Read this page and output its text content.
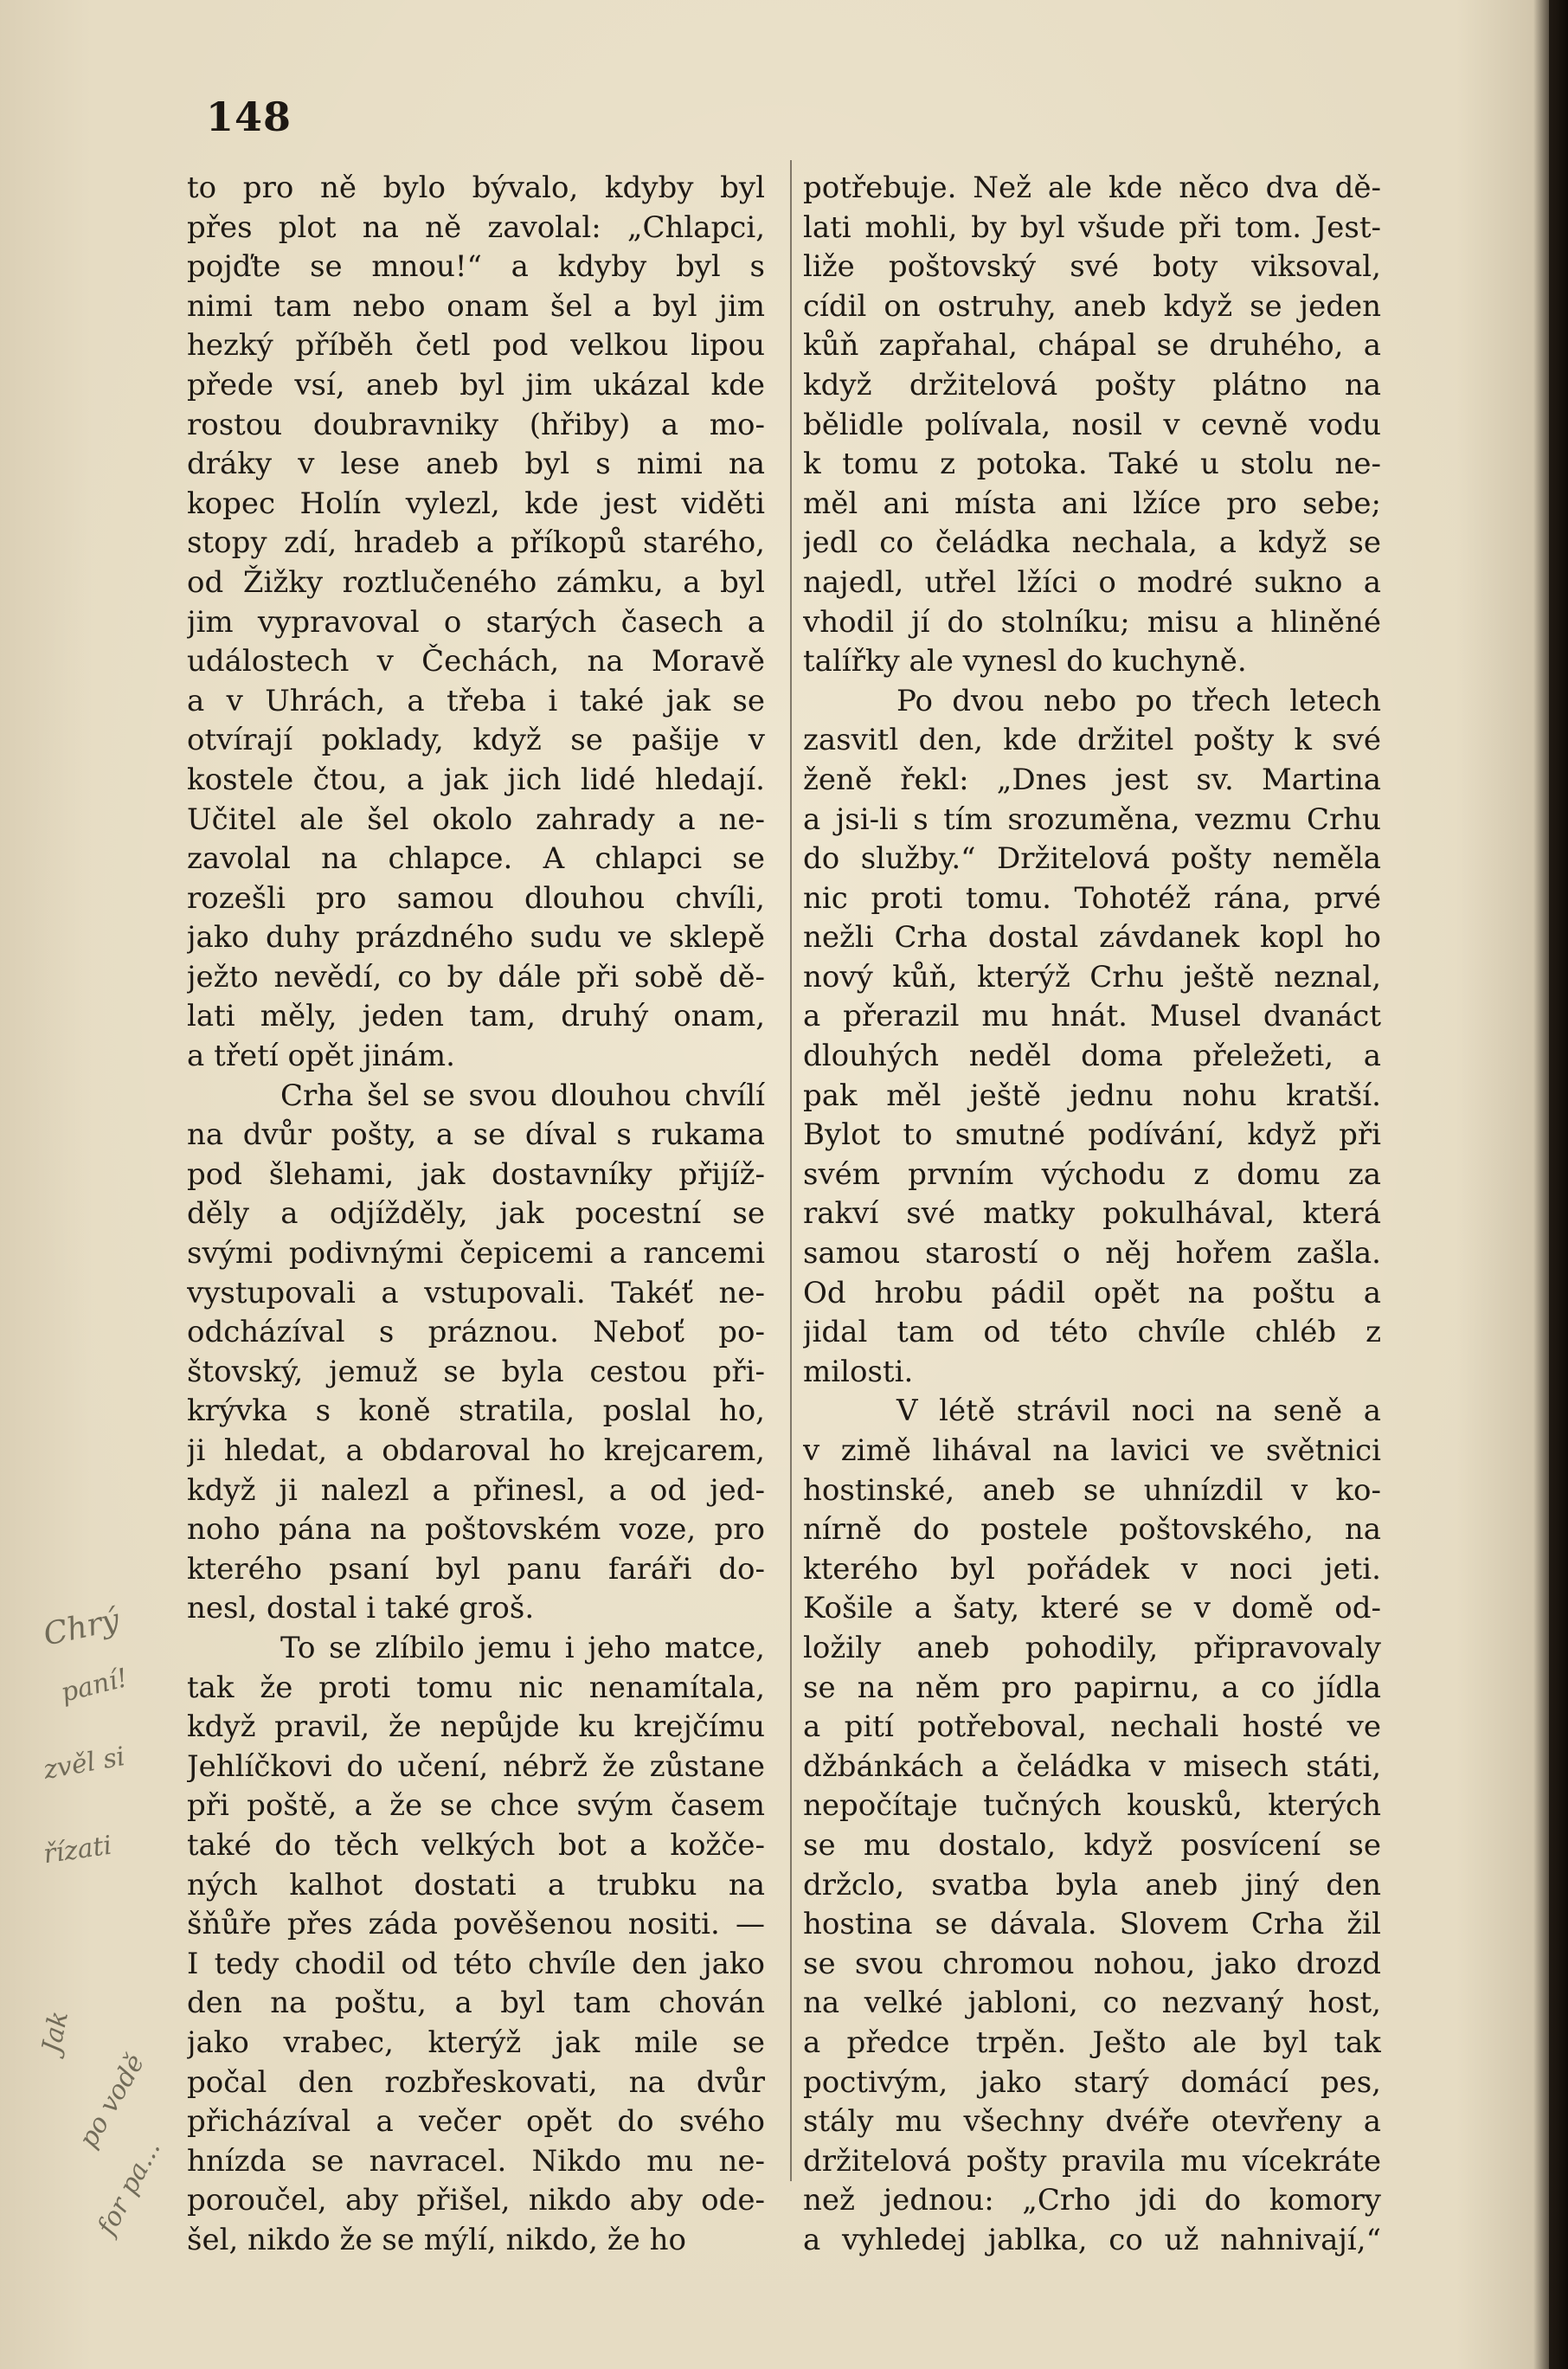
148
to pro ně bylo bývalo, kdyby byl
přes plot na ně zavolal: „Chlapci,
pojďte se mnou!“ a kdyby byl s
nimi tam nebo onam šel a byl jim
hezký příběh četl pod velkou lipou
přede vsí, aneb byl jim ukázal kde
rostou doubravniky (hřiby) a mo-
dráky v lese aneb byl s nimi na
kopec Holín vylezl, kde jest viděti
stopy zdí, hradeb a příkopů starého,
od Žižky roztlučeného zámku, a byl
jim vypravoval o starých časech a
událostech v Čechách, na Moravě
a v Uhrách, a třeba i také jak se
otvírají poklady, když se pašije v
kostele čtou, a jak jich lidé hledají.
Učitel ale šel okolo zahrady a ne-
zavolal na chlapce. A chlapci se
rozešli pro samou dlouhou chvíli,
jako duhy prázdného sudu ve sklepě
ježto nevědí, co by dále při sobě dě-
lati měly, jeden tam, druhý onam,
a třetí opět jinám.
Crha šel se svou dlouhou chvílí
na dvůr pošty, a se díval s rukama
pod šlehami, jak dostavníky přijíž-
děly a odjížděly, jak pocestní se
svými podivnými čepicemi a rancemi
vystupovali a vstupovali. Takéť ne-
odcházíval s práznou. Neboť po-
štovský, jemuž se byla cestou při-
krývka s koně stratila, poslal ho,
ji hledat, a obdaroval ho krejcarem,
když ji nalezl a přinesl, a od jed-
noho pána na poštovském voze, pro
kterého psaní byl panu faráři do-
nesl, dostal i také groš.
To se zlíbilo jemu i jeho matce,
tak že proti tomu nic nenamítala,
když pravil, že nepůjde ku krejčímu
Jehlíčkovi do učení, nébrž že zůstane
při poště, a že se chce svým časem
také do těch velkých bot a kožče-
ných kalhot dostati a trubku na
šňůře přes záda pověšenou nositi. —
I tedy chodil od této chvíle den jako
den na poštu, a byl tam chován
jako vrabec, kterýž jak mile se
počal den rozbřeskovati, na dvůr
přicházíval a večer opět do svého
hnízda se navracel. Nikdo mu ne-
poroučel, aby přišel, nikdo aby ode-
šel, nikdo že se mýlí, nikdo, že ho
potřebuje. Než ale kde něco dva dě-
lati mohli, by byl všude při tom. Jest-
liže poštovský své boty viksoval,
cídil on ostruhy, aneb když se jeden
kůň zapřahal, chápal se druhého, a
když držitelová pošty plátno na
bělidle polívala, nosil v cevně vodu
k tomu z potoka. Také u stolu ne-
měl ani místa ani lžíce pro sebe;
jedl co čeládka nechala, a když se
najedl, utřel lžíci o modré sukno a
vhodil jí do stolníku; misu a hliněné
talířky ale vynesl do kuchyně.
Po dvou nebo po třech letech
zasvitl den, kde držitel pošty k své
ženě řekl: „Dnes jest sv. Martina
a jsi-li s tím srozuměna, vezmu Crhu
do služby.“ Držitelová pošty neměla
nic proti tomu. Tohotéž rána, prvé
nežli Crha dostal závdanek kopl ho
nový kůň, kterýž Crhu ještě neznal,
a přerazil mu hnát. Musel dvanáct
dlouhých neděl doma přeležeti, a
pak měl ještě jednu nohu kratší.
Bylot to smutné podívání, když při
svém prvním východu z domu za
rakví své matky pokulhával, která
samou starostí o něj hořem zašla.
Od hrobu pádil opět na poštu a
jidal tam od této chvíle chléb z
milosti.
V létě strávil noci na seně a
v zimě lihával na lavici ve světnici
hostinské, aneb se uhnízdil v ko-
nírně do postele poštovského, na
kterého byl pořádek v noci jeti.
Košile a šaty, které se v domě od-
ložily aneb pohodily, připravovaly
se na něm pro papirnu, a co jídla
a pití potřeboval, nechali hosté ve
džbánkách a čeládka v misech státi,
nepočítaje tučných kousků, kterých
se mu dostalo, když posvícení se
držclo, svatba byla aneb jiný den
hostina se dávala. Slovem Crha žil
se svou chromou nohou, jako drozd
na velké jabloni, co nezvaný host,
a předce trpěn. Ješto ale byl tak
poctivým, jako starý domácí pes,
stály mu všechny dvéře otevřeny a
držitelová pošty pravila mu vícekráte
než jednou: „Crho jdi do komory
a vyhledej jablka, co už nahnivají,“
Chrý
paní!
zvěl si
řízati
Jak
po vodě
for pa...
